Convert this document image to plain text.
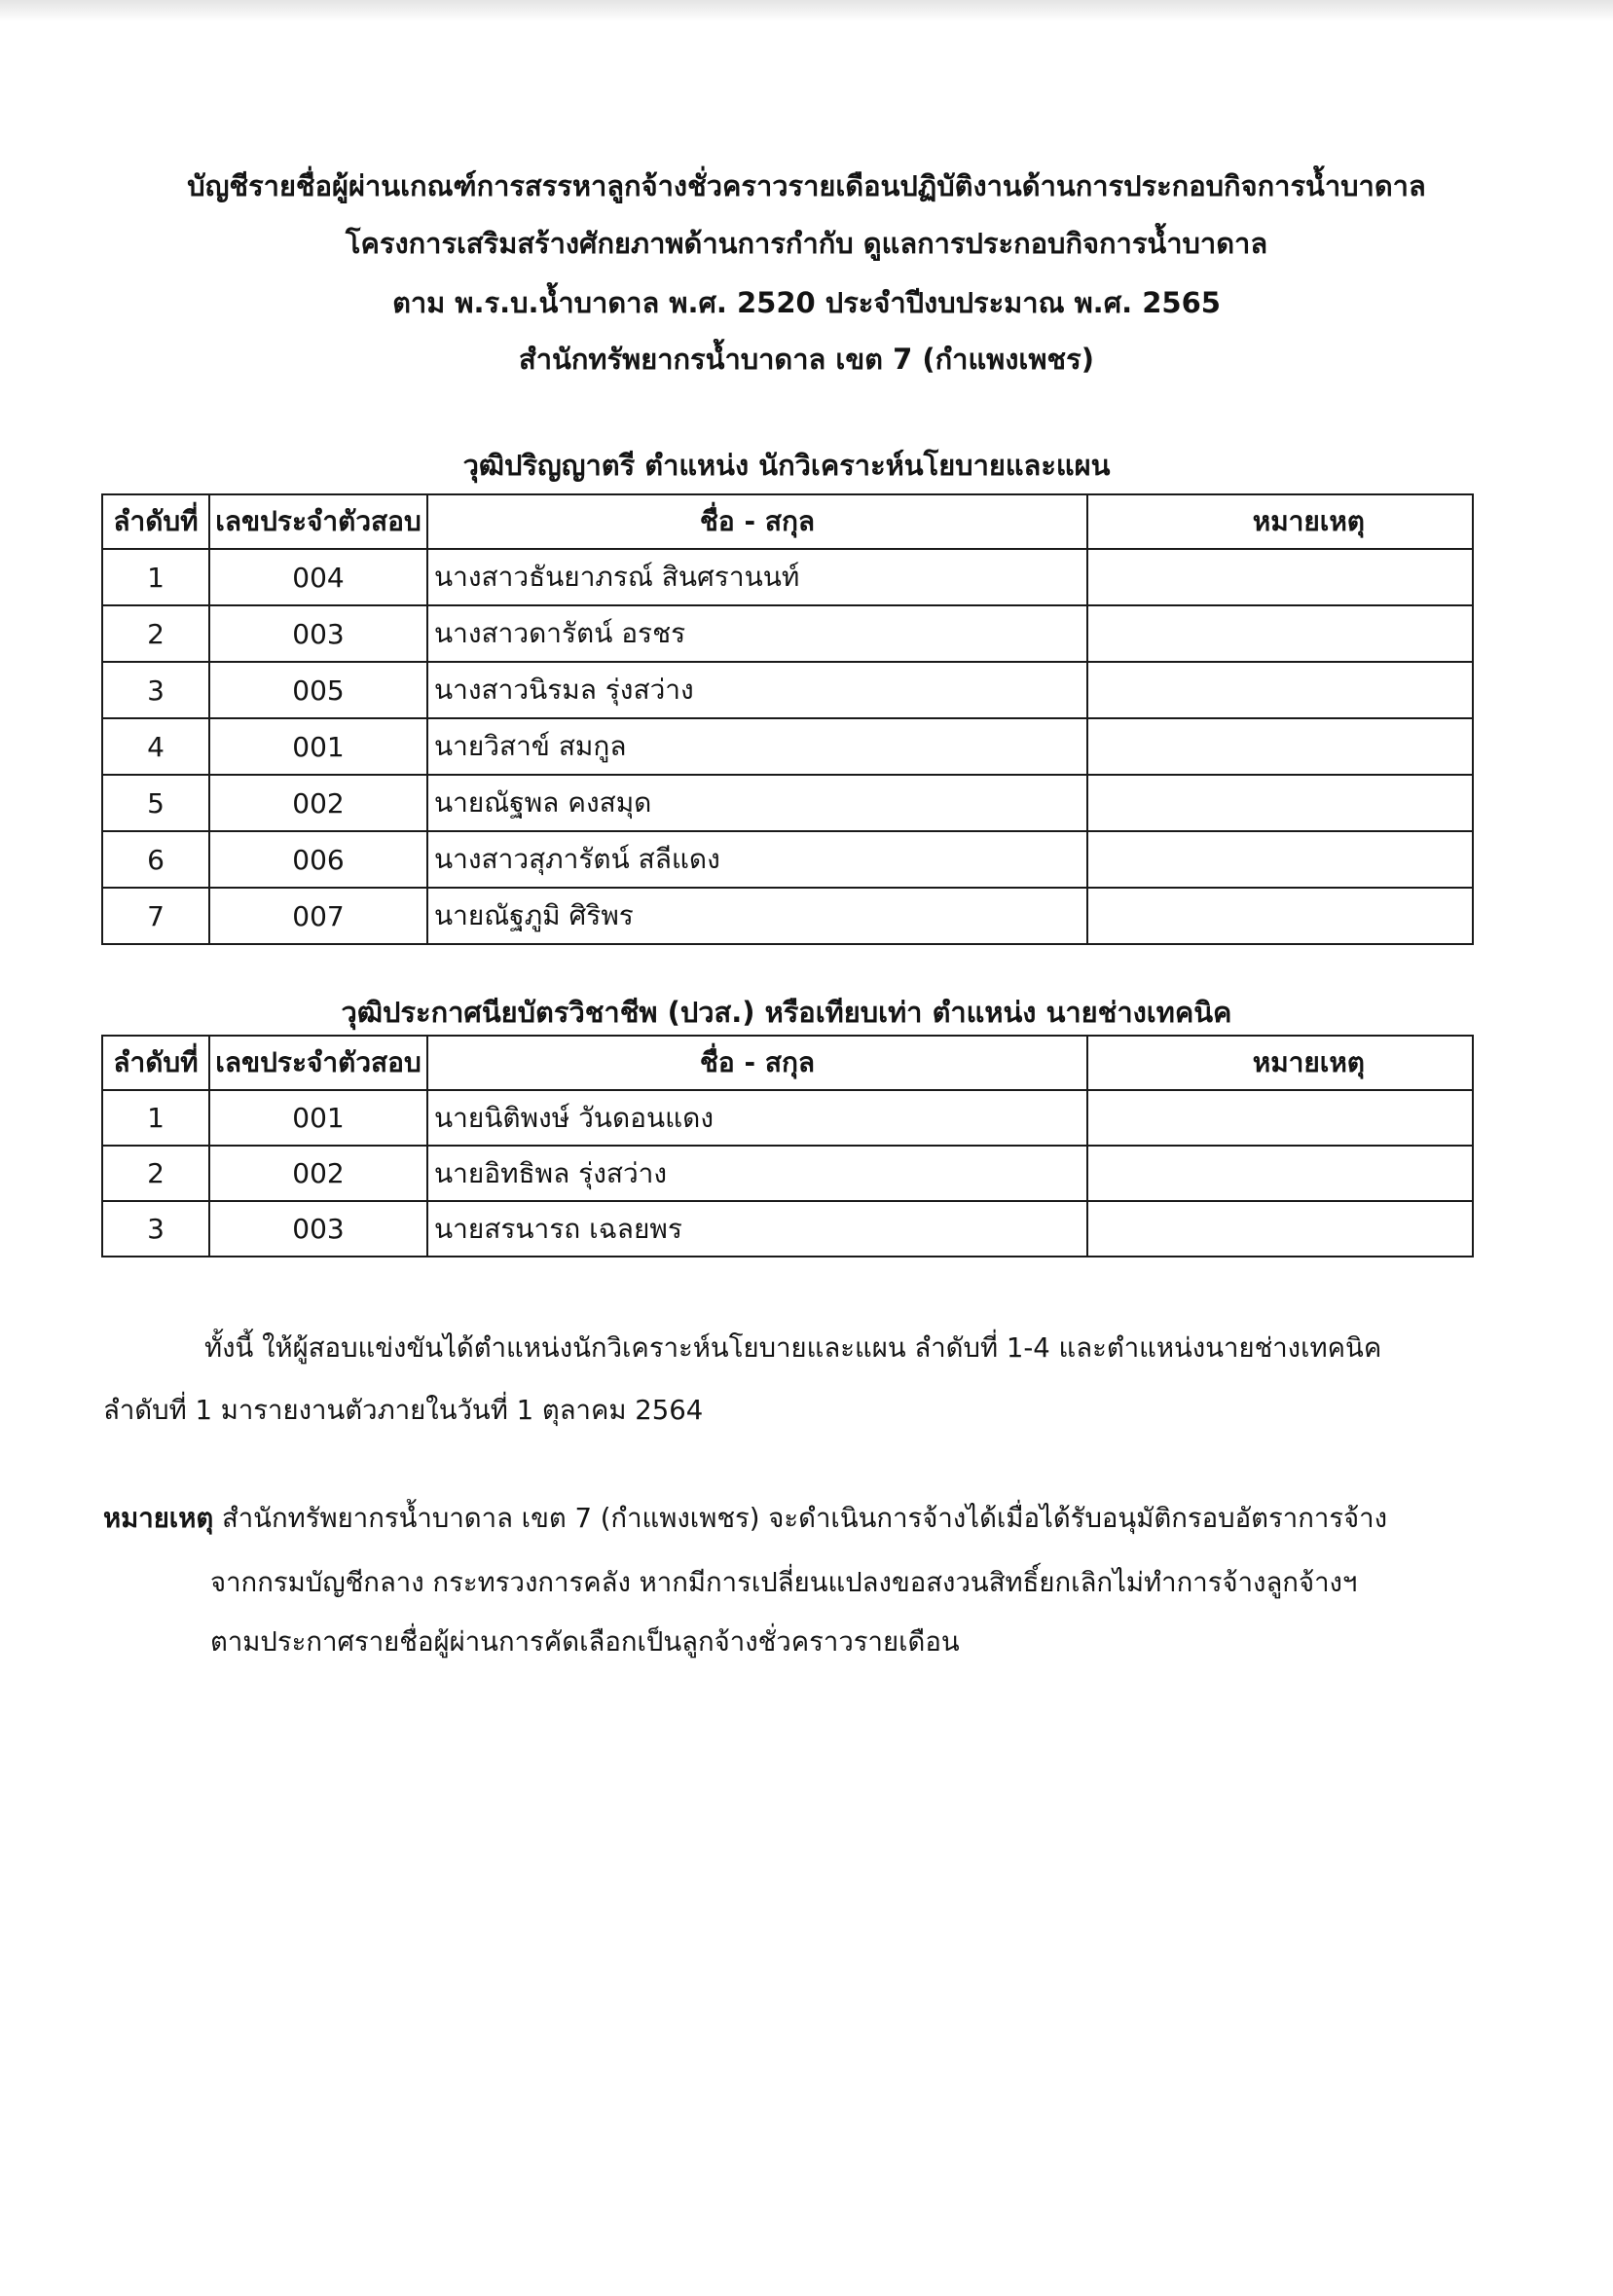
บัญชีรายชื่อผู้ผ่านเกณฑ์การสรรหาลูกจ้างชั่วคราวรายเดือนปฏิบัติงานด้านการประกอบกิจการน้ำบาดาล
โครงการเสริมสร้างศักยภาพด้านการกำกับ ดูแลการประกอบกิจการน้ำบาดาล
ตาม พ.ร.บ.น้ำบาดาล พ.ศ. 2520 ประจำปีงบประมาณ พ.ศ. 2565
สำนักทรัพยากรน้ำบาดาล เขต 7 (กำแพงเพชร)
วุฒิปริญญาตรี ตำแหน่ง นักวิเคราะห์นโยบายและแผน
ลำดับที่	เลขประจำตัวสอบ	ชื่อ - สกุล	หมายเหตุ
1	004	นางสาวธันยาภรณ์ สินศรานนท์	
2	003	นางสาวดารัตน์ อรชร	
3	005	นางสาวนิรมล รุ่งสว่าง	
4	001	นายวิสาข์ สมกูล	
5	002	นายณัฐพล คงสมุด	
6	006	นางสาวสุภารัตน์ สลีแดง	
7	007	นายณัฐภูมิ ศิริพร	
วุฒิประกาศนียบัตรวิชาชีพ (ปวส.) หรือเทียบเท่า ตำแหน่ง นายช่างเทคนิค
ลำดับที่	เลขประจำตัวสอบ	ชื่อ - สกุล	หมายเหตุ
1	001	นายนิติพงษ์ วันดอนแดง	
2	002	นายอิทธิพล รุ่งสว่าง	
3	003	นายสรนารถ เฉลยพร	
ทั้งนี้ ให้ผู้สอบแข่งขันได้ตำแหน่งนักวิเคราะห์นโยบายและแผน ลำดับที่ 1-4 และตำแหน่งนายช่างเทคนิค
ลำดับที่ 1 มารายงานตัวภายในวันที่ 1 ตุลาคม 2564
หมายเหตุ สำนักทรัพยากรน้ำบาดาล เขต 7 (กำแพงเพชร) จะดำเนินการจ้างได้เมื่อได้รับอนุมัติกรอบอัตราการจ้าง
จากกรมบัญชีกลาง กระทรวงการคลัง หากมีการเปลี่ยนแปลงขอสงวนสิทธิ์ยกเลิกไม่ทำการจ้างลูกจ้างฯ
ตามประกาศรายชื่อผู้ผ่านการคัดเลือกเป็นลูกจ้างชั่วคราวรายเดือน
